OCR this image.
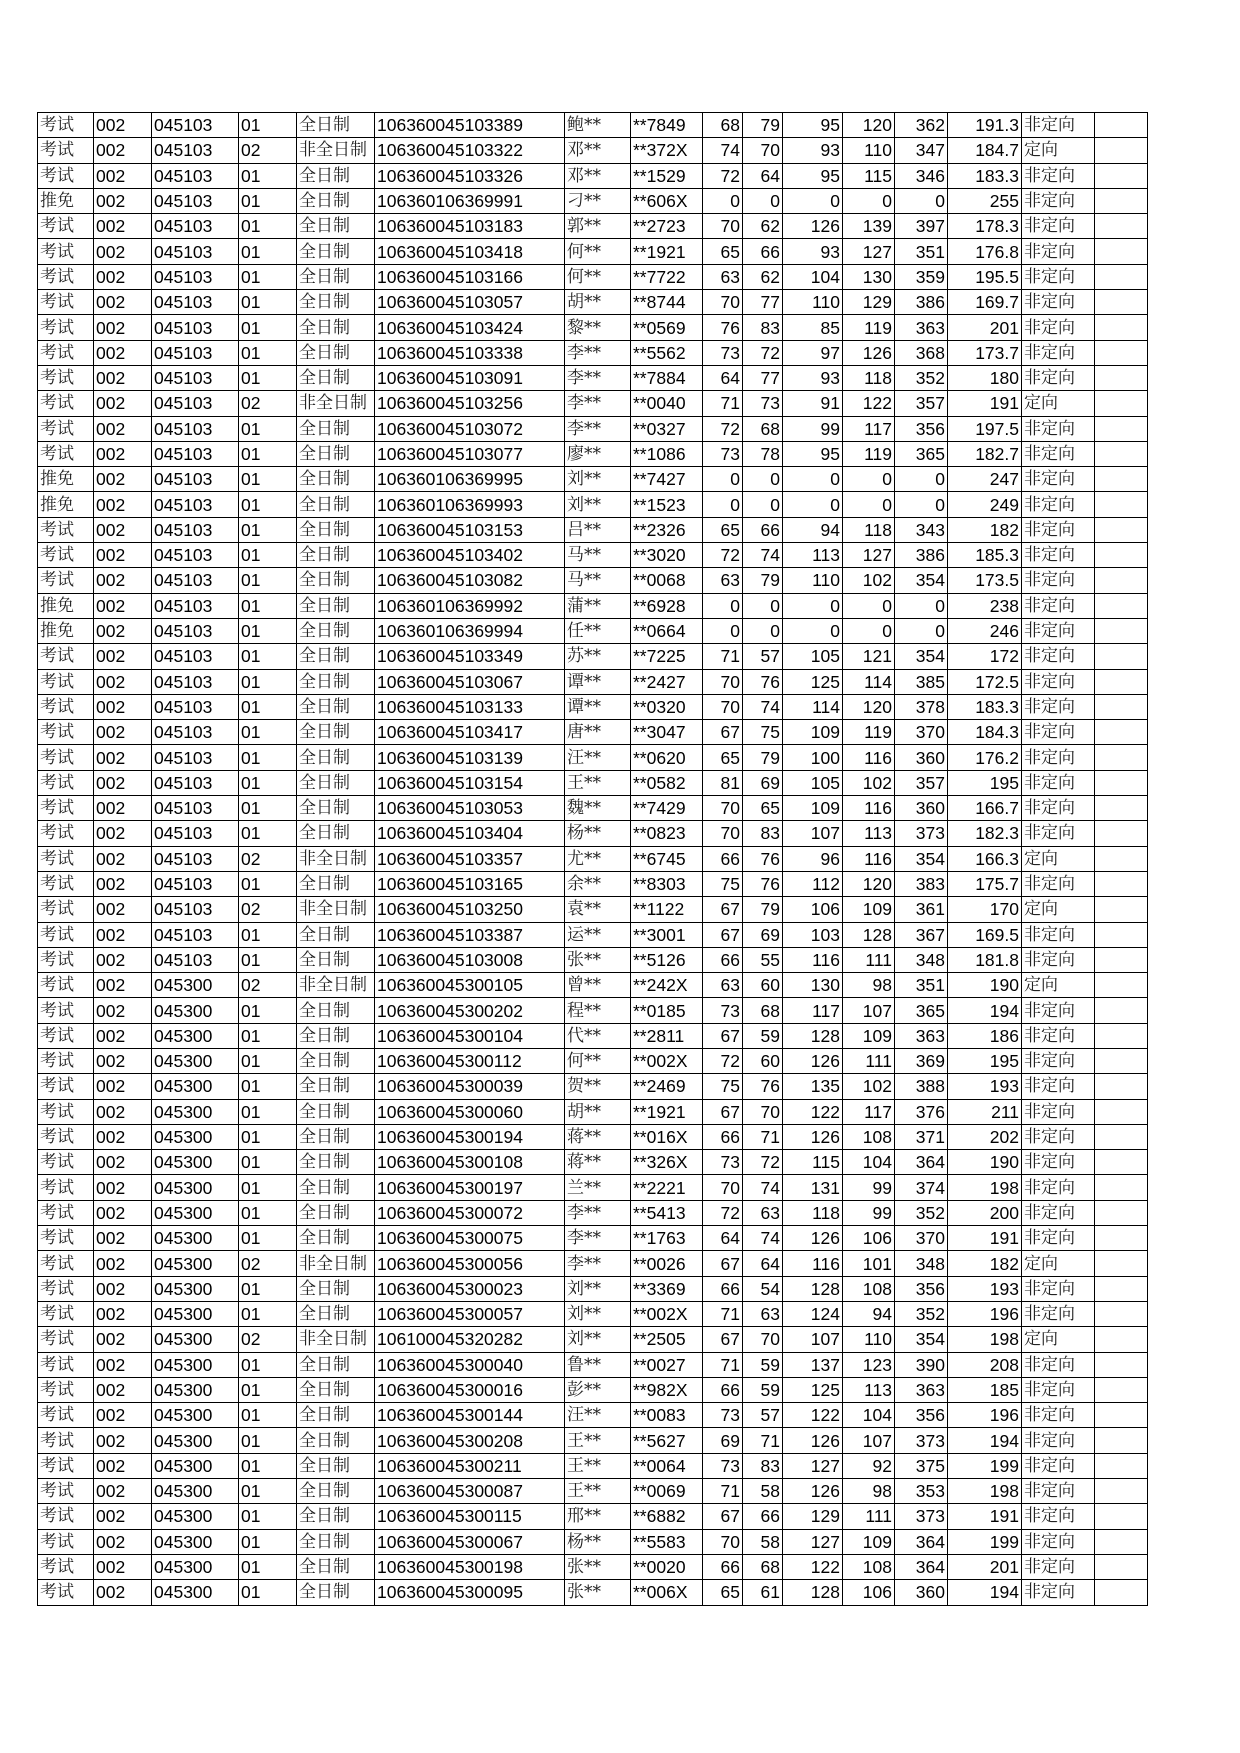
考试	002	045103	01	全日制	106360045103389	鲍**	**7849	68	79	95	120	362	191.3	非定向	
考试	002	045103	02	非全日制	106360045103322	邓**	**372X	74	70	93	110	347	184.7	定向	
考试	002	045103	01	全日制	106360045103326	邓**	**1529	72	64	95	115	346	183.3	非定向	
推免	002	045103	01	全日制	106360106369991	刁**	**606X	0	0	0	0	0	255	非定向	
考试	002	045103	01	全日制	106360045103183	郭**	**2723	70	62	126	139	397	178.3	非定向	
考试	002	045103	01	全日制	106360045103418	何**	**1921	65	66	93	127	351	176.8	非定向	
考试	002	045103	01	全日制	106360045103166	何**	**7722	63	62	104	130	359	195.5	非定向	
考试	002	045103	01	全日制	106360045103057	胡**	**8744	70	77	110	129	386	169.7	非定向	
考试	002	045103	01	全日制	106360045103424	黎**	**0569	76	83	85	119	363	201	非定向	
考试	002	045103	01	全日制	106360045103338	李**	**5562	73	72	97	126	368	173.7	非定向	
考试	002	045103	01	全日制	106360045103091	李**	**7884	64	77	93	118	352	180	非定向	
考试	002	045103	02	非全日制	106360045103256	李**	**0040	71	73	91	122	357	191	定向	
考试	002	045103	01	全日制	106360045103072	李**	**0327	72	68	99	117	356	197.5	非定向	
考试	002	045103	01	全日制	106360045103077	廖**	**1086	73	78	95	119	365	182.7	非定向	
推免	002	045103	01	全日制	106360106369995	刘**	**7427	0	0	0	0	0	247	非定向	
推免	002	045103	01	全日制	106360106369993	刘**	**1523	0	0	0	0	0	249	非定向	
考试	002	045103	01	全日制	106360045103153	吕**	**2326	65	66	94	118	343	182	非定向	
考试	002	045103	01	全日制	106360045103402	马**	**3020	72	74	113	127	386	185.3	非定向	
考试	002	045103	01	全日制	106360045103082	马**	**0068	63	79	110	102	354	173.5	非定向	
推免	002	045103	01	全日制	106360106369992	蒲**	**6928	0	0	0	0	0	238	非定向	
推免	002	045103	01	全日制	106360106369994	任**	**0664	0	0	0	0	0	246	非定向	
考试	002	045103	01	全日制	106360045103349	苏**	**7225	71	57	105	121	354	172	非定向	
考试	002	045103	01	全日制	106360045103067	谭**	**2427	70	76	125	114	385	172.5	非定向	
考试	002	045103	01	全日制	106360045103133	谭**	**0320	70	74	114	120	378	183.3	非定向	
考试	002	045103	01	全日制	106360045103417	唐**	**3047	67	75	109	119	370	184.3	非定向	
考试	002	045103	01	全日制	106360045103139	汪**	**0620	65	79	100	116	360	176.2	非定向	
考试	002	045103	01	全日制	106360045103154	王**	**0582	81	69	105	102	357	195	非定向	
考试	002	045103	01	全日制	106360045103053	魏**	**7429	70	65	109	116	360	166.7	非定向	
考试	002	045103	01	全日制	106360045103404	杨**	**0823	70	83	107	113	373	182.3	非定向	
考试	002	045103	02	非全日制	106360045103357	尤**	**6745	66	76	96	116	354	166.3	定向	
考试	002	045103	01	全日制	106360045103165	余**	**8303	75	76	112	120	383	175.7	非定向	
考试	002	045103	02	非全日制	106360045103250	袁**	**1122	67	79	106	109	361	170	定向	
考试	002	045103	01	全日制	106360045103387	运**	**3001	67	69	103	128	367	169.5	非定向	
考试	002	045103	01	全日制	106360045103008	张**	**5126	66	55	116	111	348	181.8	非定向	
考试	002	045300	02	非全日制	106360045300105	曾**	**242X	63	60	130	98	351	190	定向	
考试	002	045300	01	全日制	106360045300202	程**	**0185	73	68	117	107	365	194	非定向	
考试	002	045300	01	全日制	106360045300104	代**	**2811	67	59	128	109	363	186	非定向	
考试	002	045300	01	全日制	106360045300112	何**	**002X	72	60	126	111	369	195	非定向	
考试	002	045300	01	全日制	106360045300039	贺**	**2469	75	76	135	102	388	193	非定向	
考试	002	045300	01	全日制	106360045300060	胡**	**1921	67	70	122	117	376	211	非定向	
考试	002	045300	01	全日制	106360045300194	蒋**	**016X	66	71	126	108	371	202	非定向	
考试	002	045300	01	全日制	106360045300108	蒋**	**326X	73	72	115	104	364	190	非定向	
考试	002	045300	01	全日制	106360045300197	兰**	**2221	70	74	131	99	374	198	非定向	
考试	002	045300	01	全日制	106360045300072	李**	**5413	72	63	118	99	352	200	非定向	
考试	002	045300	01	全日制	106360045300075	李**	**1763	64	74	126	106	370	191	非定向	
考试	002	045300	02	非全日制	106360045300056	李**	**0026	67	64	116	101	348	182	定向	
考试	002	045300	01	全日制	106360045300023	刘**	**3369	66	54	128	108	356	193	非定向	
考试	002	045300	01	全日制	106360045300057	刘**	**002X	71	63	124	94	352	196	非定向	
考试	002	045300	02	非全日制	106100045320282	刘**	**2505	67	70	107	110	354	198	定向	
考试	002	045300	01	全日制	106360045300040	鲁**	**0027	71	59	137	123	390	208	非定向	
考试	002	045300	01	全日制	106360045300016	彭**	**982X	66	59	125	113	363	185	非定向	
考试	002	045300	01	全日制	106360045300144	汪**	**0083	73	57	122	104	356	196	非定向	
考试	002	045300	01	全日制	106360045300208	王**	**5627	69	71	126	107	373	194	非定向	
考试	002	045300	01	全日制	106360045300211	王**	**0064	73	83	127	92	375	199	非定向	
考试	002	045300	01	全日制	106360045300087	王**	**0069	71	58	126	98	353	198	非定向	
考试	002	045300	01	全日制	106360045300115	邢**	**6882	67	66	129	111	373	191	非定向	
考试	002	045300	01	全日制	106360045300067	杨**	**5583	70	58	127	109	364	199	非定向	
考试	002	045300	01	全日制	106360045300198	张**	**0020	66	68	122	108	364	201	非定向	
考试	002	045300	01	全日制	106360045300095	张**	**006X	65	61	128	106	360	194	非定向	
